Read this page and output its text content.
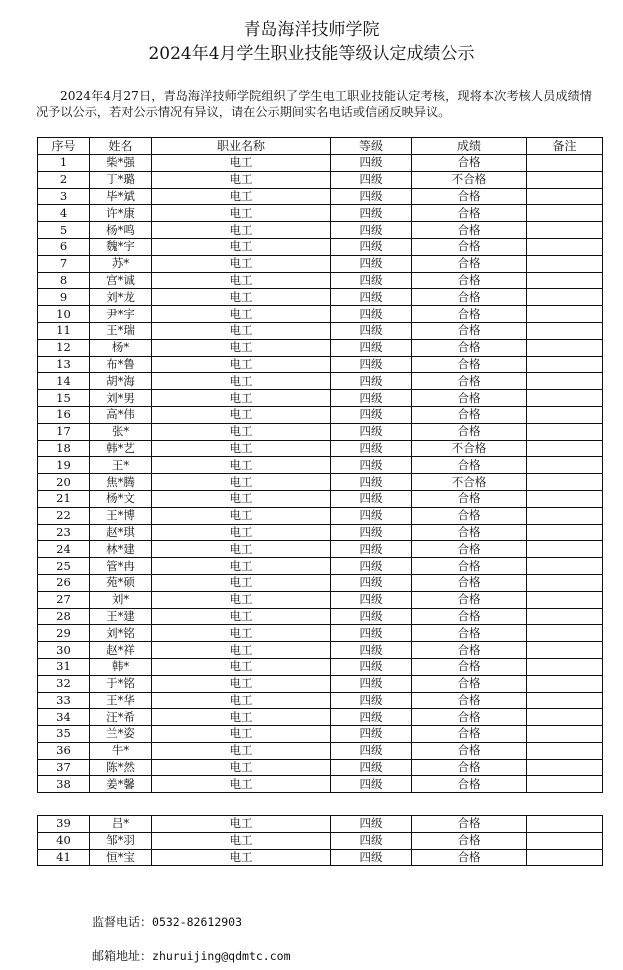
青岛海洋技师学院
2024年4月学生职业技能等级认定成绩公示
2024年4月27日，青岛海洋技师学院组织了学生电工职业技能认定考核，现将本次考核人员成绩情况予以公示，若对公示情况有异议，请在公示期间实名电话或信函反映异议。
序号	姓名	职业名称	等级	成绩	备注
1	柴*强	电工	四级	合格	
2	丁*璐	电工	四级	不合格	
3	毕*斌	电工	四级	合格	
4	许*康	电工	四级	合格	
5	杨*鸣	电工	四级	合格	
6	魏*宇	电工	四级	合格	
7	苏*	电工	四级	合格	
8	宫*诚	电工	四级	合格	
9	刘*龙	电工	四级	合格	
10	尹*宇	电工	四级	合格	
11	王*瑞	电工	四级	合格	
12	杨*	电工	四级	合格	
13	布*鲁	电工	四级	合格	
14	胡*海	电工	四级	合格	
15	刘*男	电工	四级	合格	
16	高*伟	电工	四级	合格	
17	张*	电工	四级	合格	
18	韩*艺	电工	四级	不合格	
19	王*	电工	四级	合格	
20	焦*腾	电工	四级	不合格	
21	杨*文	电工	四级	合格	
22	王*博	电工	四级	合格	
23	赵*琪	电工	四级	合格	
24	林*建	电工	四级	合格	
25	管*冉	电工	四级	合格	
26	苑*硕	电工	四级	合格	
27	刘*	电工	四级	合格	
28	王*建	电工	四级	合格	
29	刘*铭	电工	四级	合格	
30	赵*祥	电工	四级	合格	
31	韩*	电工	四级	合格	
32	于*铭	电工	四级	合格	
33	王*华	电工	四级	合格	
34	汪*希	电工	四级	合格	
35	兰*姿	电工	四级	合格	
36	牛*	电工	四级	合格	
37	陈*然	电工	四级	合格	
38	姜*馨	电工	四级	合格	
39	吕*	电工	四级	合格	
40	邹*羽	电工	四级	合格	
41	恒*宝	电工	四级	合格	
监督电话：0532-82612903
邮箱地址：zhuruijing@qdmtc.com
